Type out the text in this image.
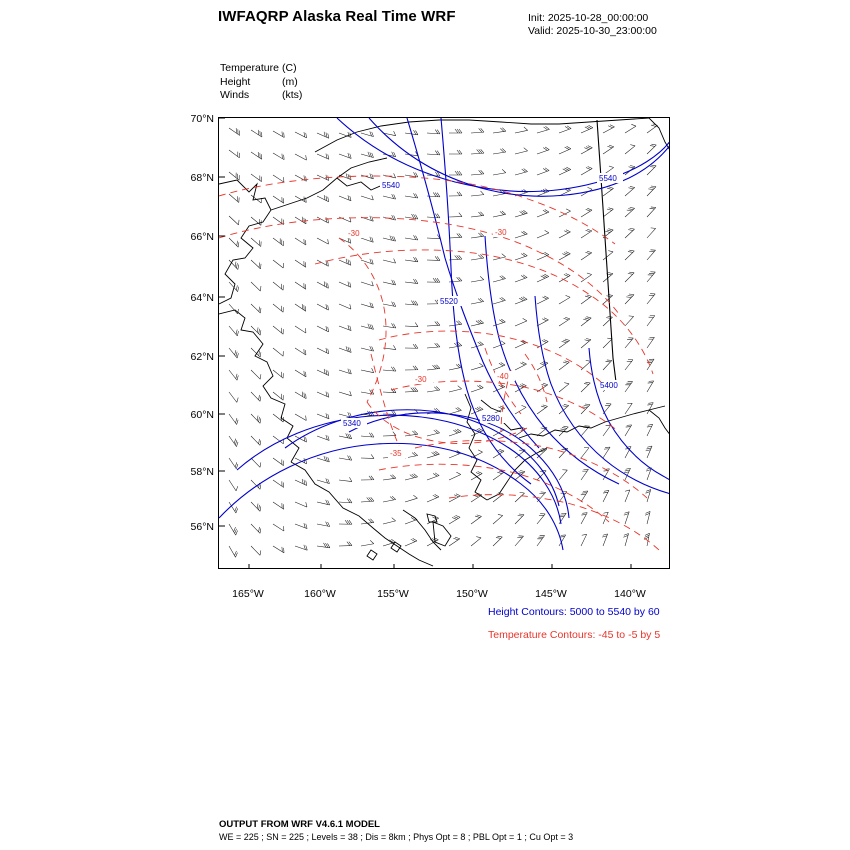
IWFAQRP Alaska Real Time WRF	Init: 2025-10-28_00:00:00
Valid: 2025-10-30_23:00:00
Temperature (C)
Height	(m)
Winds	(kts)
70°N
68°N
66°N
64°N
62°N
60°N
58°N
56°N
165°W	160°W	155°W	150°W	145°W	140°W
5540
5540
5520
5400
5340
5280
-30	-30
-30	-40
-35
Height Contours: 5000 to 5540 by 60
Temperature Contours: -45 to -5 by 5
OUTPUT FROM WRF V4.6.1 MODEL
WE = 225 ; SN = 225 ; Levels = 38 ; Dis = 8km ; Phys Opt = 8 ; PBL Opt = 1 ; Cu Opt = 3
